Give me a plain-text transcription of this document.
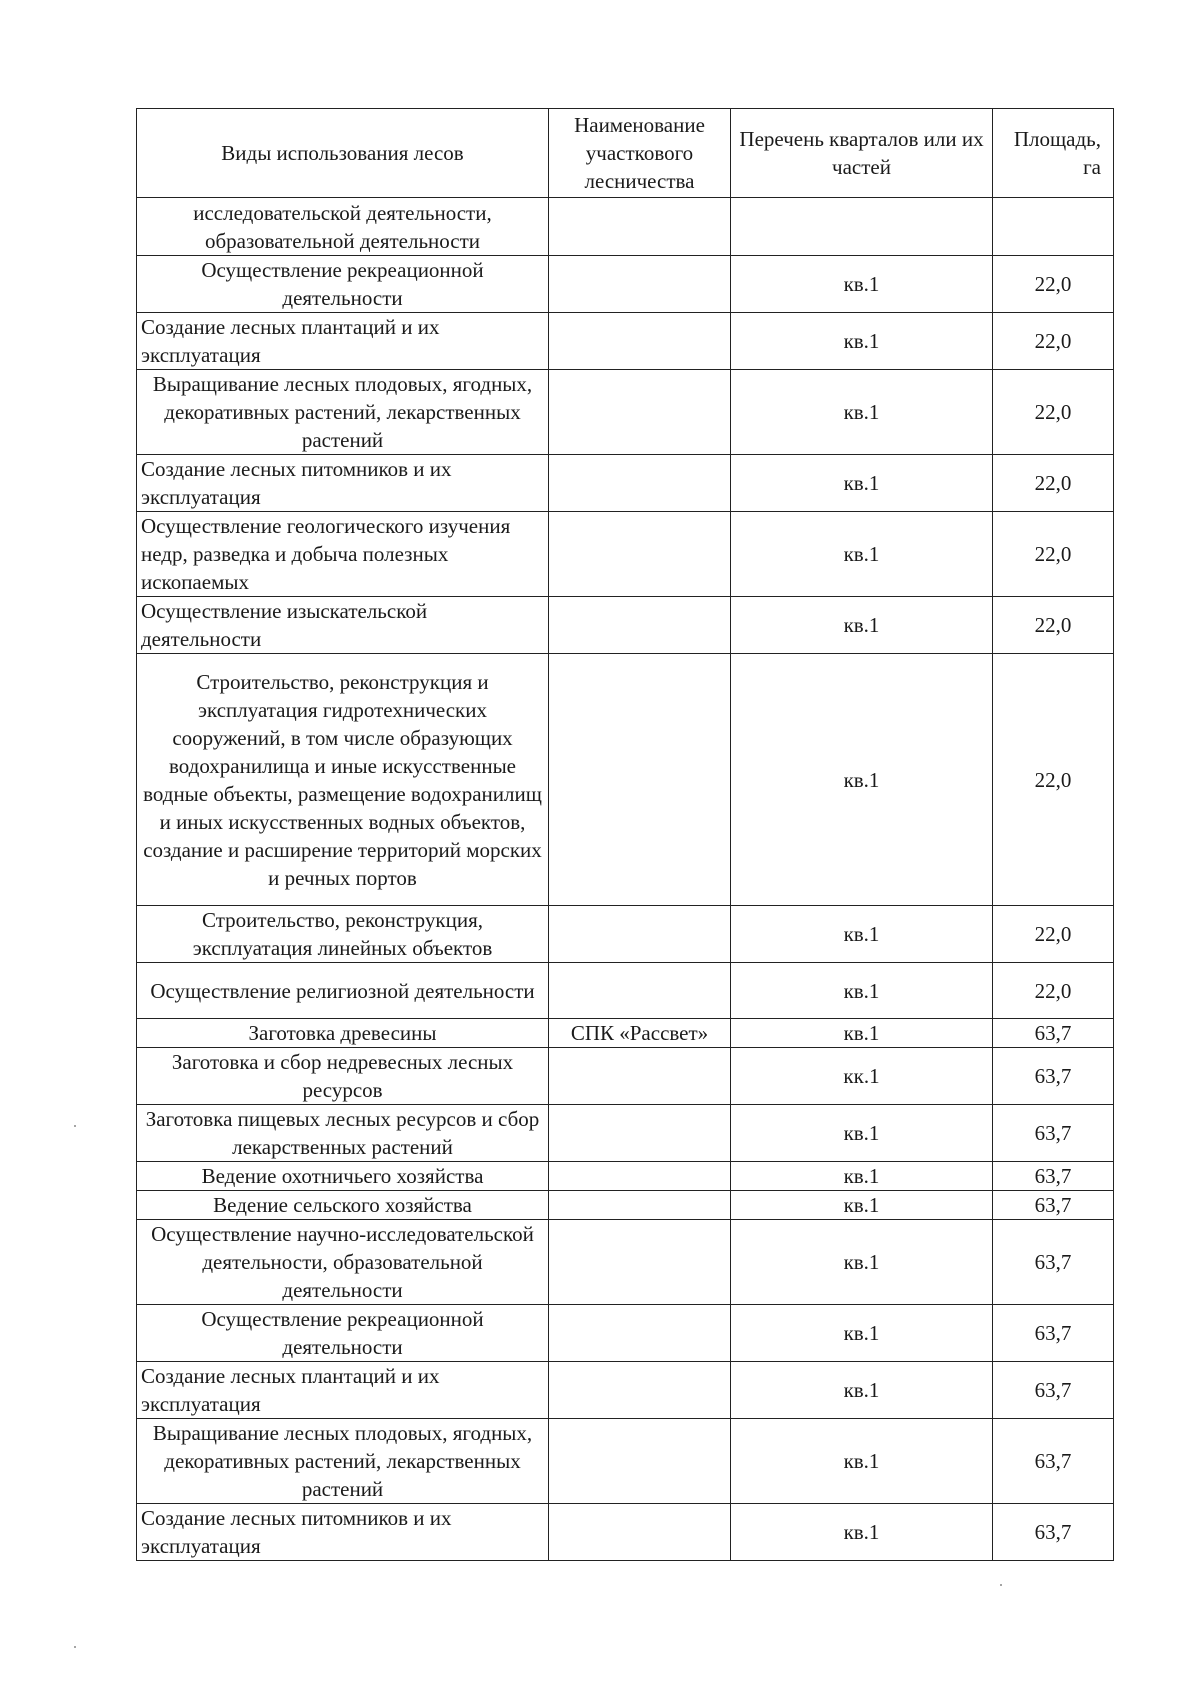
Виды использования лесов	Наименование участкового лесничества	Перечень кварталов или их частей	Площадь, га
исследовательской деятельности, образовательной деятельности			
Осуществление рекреационной деятельности		кв.1	22,0
Создание лесных плантаций и их эксплуатация		кв.1	22,0
Выращивание лесных плодовых, ягодных, декоративных растений, лекарственных растений		кв.1	22,0
Создание лесных питомников и их эксплуатация		кв.1	22,0
Осуществление геологического изучения недр, разведка и добыча полезных ископаемых		кв.1	22,0
Осуществление изыскательской деятельности		кв.1	22,0
Строительство, реконструкция и эксплуатация гидротехнических сооружений, в том числе образующих водохранилища и иные искусственные водные объекты, размещение водохранилищ и иных искусственных водных объектов, создание и расширение территорий морских и речных портов		кв.1	22,0
Строительство, реконструкция, эксплуатация линейных объектов		кв.1	22,0
Осуществление религиозной деятельности		кв.1	22,0
Заготовка древесины	СПК «Рассвет»	кв.1	63,7
Заготовка и сбор недревесных лесных ресурсов		кк.1	63,7
Заготовка пищевых лесных ресурсов и сбор лекарственных растений		кв.1	63,7
Ведение охотничьего хозяйства		кв.1	63,7
Ведение сельского хозяйства		кв.1	63,7
Осуществление научно-исследовательской деятельности, образовательной деятельности		кв.1	63,7
Осуществление рекреационной деятельности		кв.1	63,7
Создание лесных плантаций и их эксплуатация		кв.1	63,7
Выращивание лесных плодовых, ягодных, декоративных растений, лекарственных растений		кв.1	63,7
Создание лесных питомников и их эксплуатация		кв.1	63,7
